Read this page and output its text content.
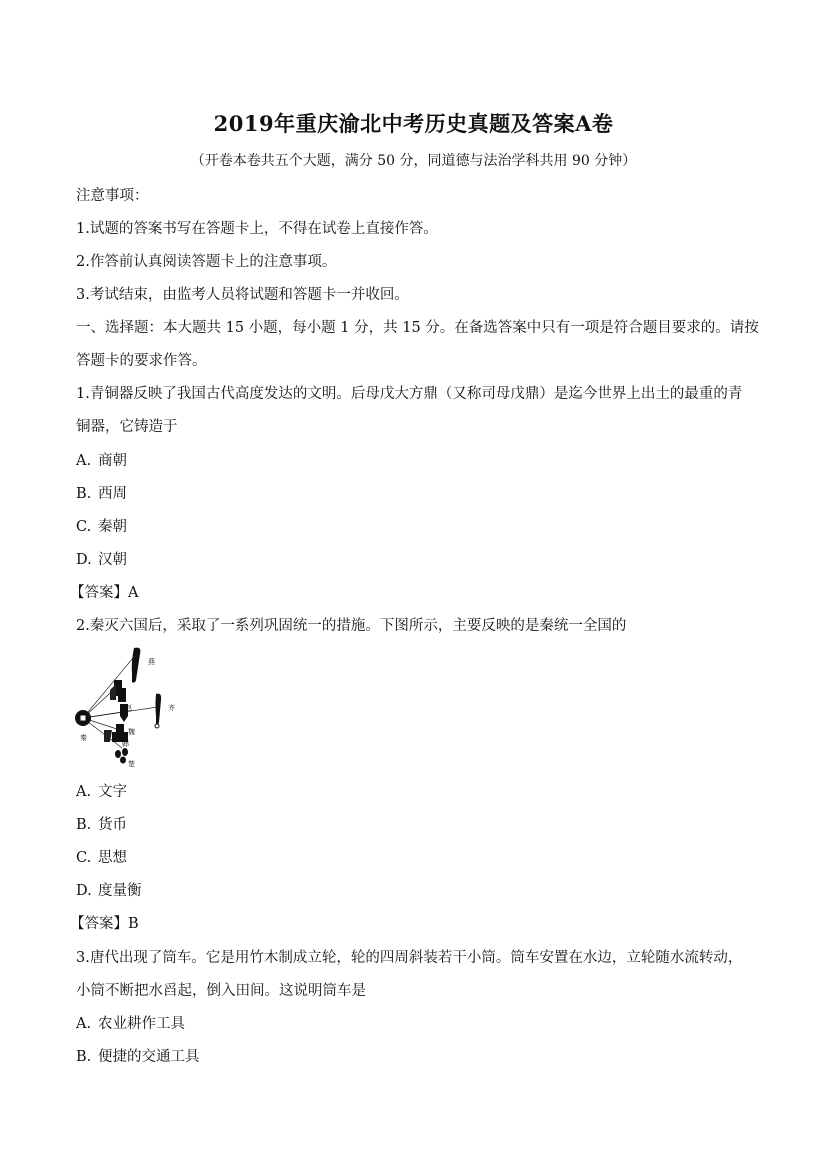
2019年重庆渝北中考历史真题及答案A卷
（开卷本卷共五个大题，满分 50 分，同道德与法治学科共用 90 分钟）
注意事项：
1.试题的答案书写在答题卡上，不得在试卷上直接作答。
2.作答前认真阅读答题卡上的注意事项。
3.考试结束，由监考人员将试题和答题卡一并收回。
一、选择题：本大题共 15 小题，每小题 1 分，共 15 分。在备选答案中只有一项是符合题目要求的。请按
答题卡的要求作答。
1.青铜器反映了我国古代高度发达的文明。后母戊大方鼎（又称司母戊鼎）是迄今世界上出土的最重的青
铜器，它铸造于
A. 商朝
B. 西周
C. 秦朝
D. 汉朝
【答案】A
2.秦灭六国后，采取了一系列巩固统一的措施。下图所示，主要反映的是秦统一全国的
燕
赵	齐
魏
韩
楚
秦
A. 文字
B. 货币
C. 思想
D. 度量衡
【答案】B
3.唐代出现了筒车。它是用竹木制成立轮，轮的四周斜装若干小筒。筒车安置在水边，立轮随水流转动，
小筒不断把水舀起，倒入田间。这说明筒车是
A. 农业耕作工具
B. 便捷的交通工具
